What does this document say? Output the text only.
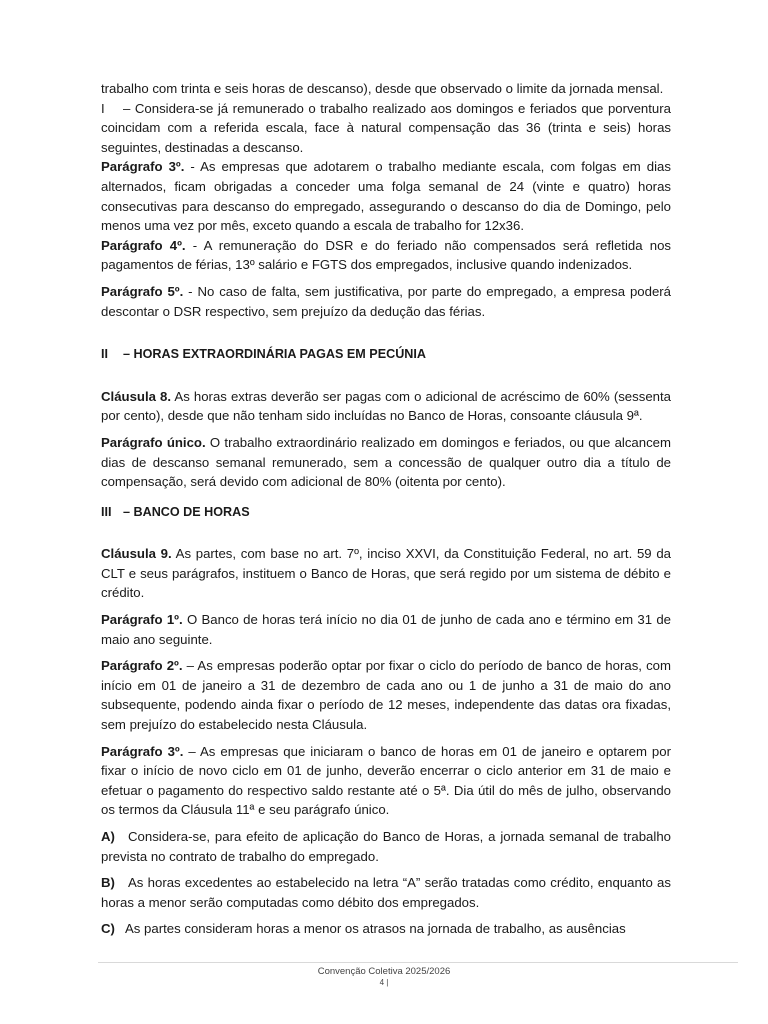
trabalho com trinta e seis horas de descanso), desde que observado o limite da jornada mensal.

I – Considera-se já remunerado o trabalho realizado aos domingos e feriados que porventura coincidam com a referida escala, face à natural compensação das 36 (trinta e seis) horas seguintes, destinadas a descanso.

Parágrafo 3º. - As empresas que adotarem o trabalho mediante escala, com folgas em dias alternados, ficam obrigadas a conceder uma folga semanal de 24 (vinte e quatro) horas consecutivas para descanso do empregado, assegurando o descanso do dia de Domingo, pelo menos uma vez por mês, exceto quando a escala de trabalho for 12x36.

Parágrafo 4º. - A remuneração do DSR e do feriado não compensados será refletida nos pagamentos de férias, 13º salário e FGTS dos empregados, inclusive quando indenizados.

Parágrafo 5º. - No caso de falta, sem justificativa, por parte do empregado, a empresa poderá descontar o DSR respectivo, sem prejuízo da dedução das férias.

II – HORAS EXTRAORDINÁRIA PAGAS EM PECÚNIA

Cláusula 8. As horas extras deverão ser pagas com o adicional de acréscimo de 60% (sessenta por cento), desde que não tenham sido incluídas no Banco de Horas, consoante cláusula 9ª.

Parágrafo único. O trabalho extraordinário realizado em domingos e feriados, ou que alcancem dias de descanso semanal remunerado, sem a concessão de qualquer outro dia a título de compensação, será devido com adicional de 80% (oitenta por cento).

III – BANCO DE HORAS

Cláusula 9. As partes, com base no art. 7º, inciso XXVI, da Constituição Federal, no art. 59 da CLT e seus parágrafos, instituem o Banco de Horas, que será regido por um sistema de débito e crédito.

Parágrafo 1º. O Banco de horas terá início no dia 01 de junho de cada ano e término em 31 de maio ano seguinte.

Parágrafo 2º. – As empresas poderão optar por fixar o ciclo do período de banco de horas, com início em 01 de janeiro a 31 de dezembro de cada ano ou 1 de junho a 31 de maio do ano subsequente, podendo ainda fixar o período de 12 meses, independente das datas ora fixadas, sem prejuízo do estabelecido nesta Cláusula.

Parágrafo 3º. – As empresas que iniciaram o banco de horas em 01 de janeiro e optarem por fixar o início de novo ciclo em 01 de junho, deverão encerrar o ciclo anterior em 31 de maio e efetuar o pagamento do respectivo saldo restante até o 5ª. Dia útil do mês de julho, observando os termos da Cláusula 11ª e seu parágrafo único.

A) Considera-se, para efeito de aplicação do Banco de Horas, a jornada semanal de trabalho prevista no contrato de trabalho do empregado.

B) As horas excedentes ao estabelecido na letra “A” serão tratadas como crédito, enquanto as horas a menor serão computadas como débito dos empregados.

C) As partes consideram horas a menor os atrasos na jornada de trabalho, as ausências

Convenção Coletiva 2025/2026
4 |
